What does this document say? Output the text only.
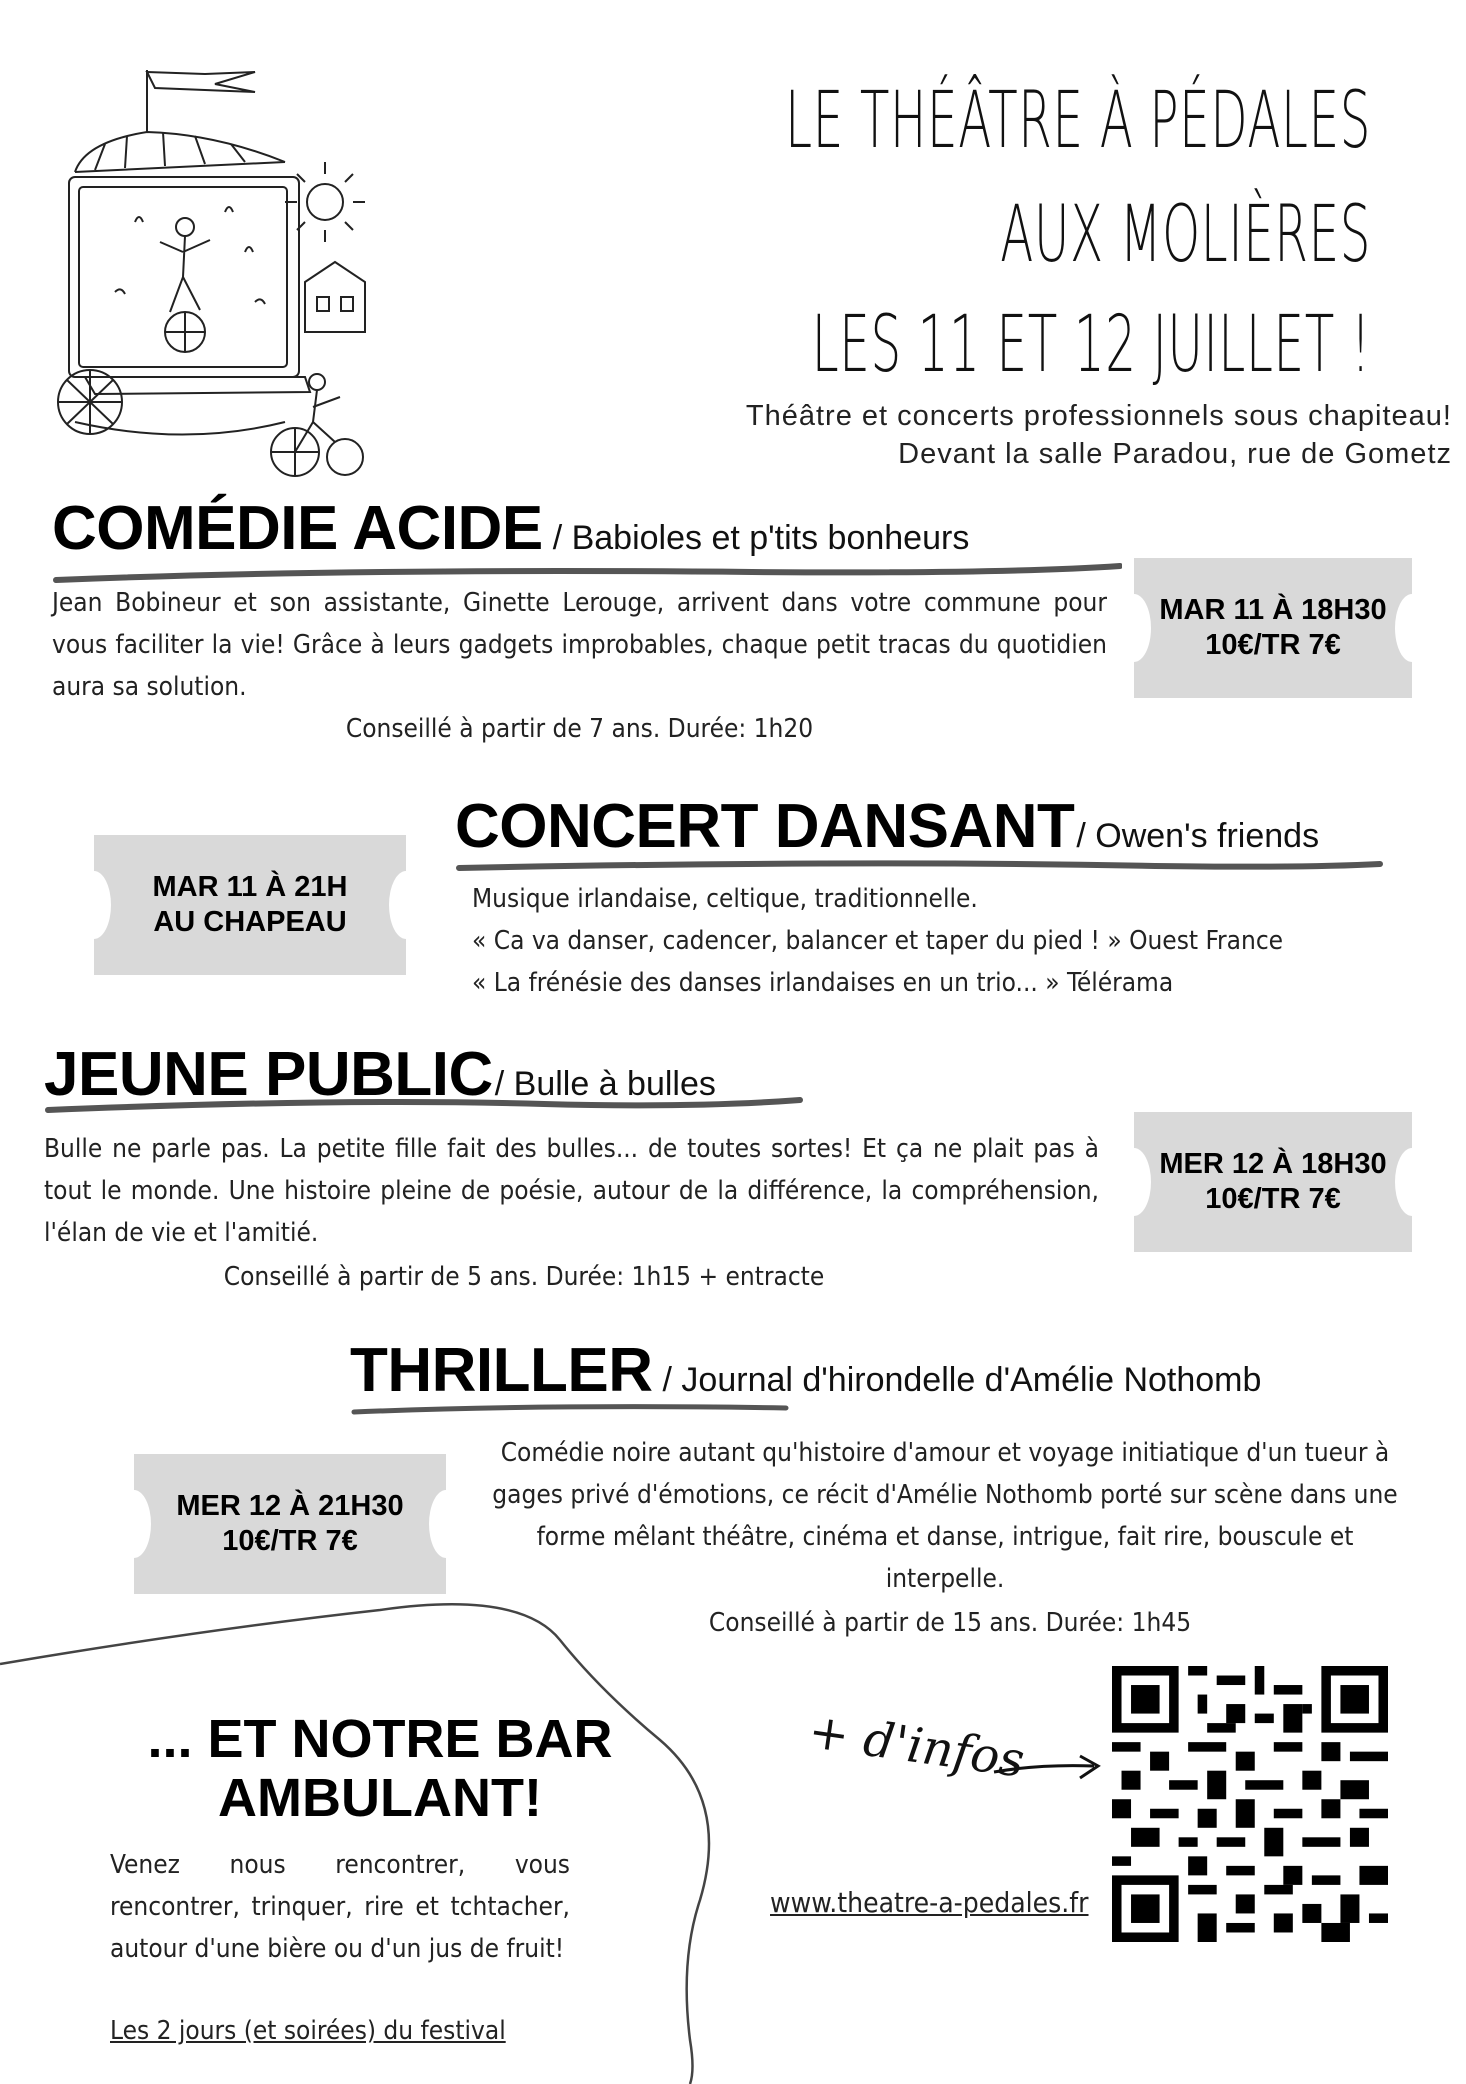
LE THÉÂTRE À PÉDALES
AUX MOLIÈRES
LES 11 ET 12 JUILLET !
Théâtre et concerts professionnels sous chapiteau!
Devant la salle Paradou, rue de Gometz
COMÉDIE ACIDE / Babioles et p'tits bonheurs
Jean Bobineur et son assistante, Ginette Lerouge, arrivent dans votre commune pour vous faciliter la vie! Grâce à leurs gadgets improbables, chaque petit tracas du quotidien aura sa solution.
Conseillé à partir de 7 ans. Durée: 1h20
MAR 11 À 18H30
10€/TR 7€
CONCERT DANSANT/ Owen's friends
MAR 11 À 21H
AU CHAPEAU
Musique irlandaise, celtique, traditionnelle.
« Ca va danser, cadencer, balancer et taper du pied ! » Ouest France
« La frénésie des danses irlandaises en un trio... » Télérama
JEUNE PUBLIC/ Bulle à bulles
Bulle ne parle pas. La petite fille fait des bulles... de toutes sortes! Et ça ne plait pas à tout le monde. Une histoire pleine de poésie, autour de la différence, la compréhension, l'élan de vie et l'amitié.
Conseillé à partir de 5 ans. Durée: 1h15 + entracte
MER 12 À 18H30
10€/TR 7€
THRILLER / Journal d'hirondelle d'Amélie Nothomb
MER 12 À 21H30
10€/TR 7€
Comédie noire autant qu'histoire d'amour et voyage initiatique d'un tueur à gages privé d'émotions, ce récit d'Amélie Nothomb porté sur scène dans une forme mêlant théâtre, cinéma et danse, intrigue, fait rire, bouscule et interpelle.
Conseillé à partir de 15 ans. Durée: 1h45
... ET NOTRE BAR
AMBULANT!
Venez nous rencontrer, vous rencontrer, trinquer, rire et tchtacher, autour d'une bière ou d'un jus de fruit!
Les 2 jours (et soirées) du festival
+ d'infos
www.theatre-a-pedales.fr
